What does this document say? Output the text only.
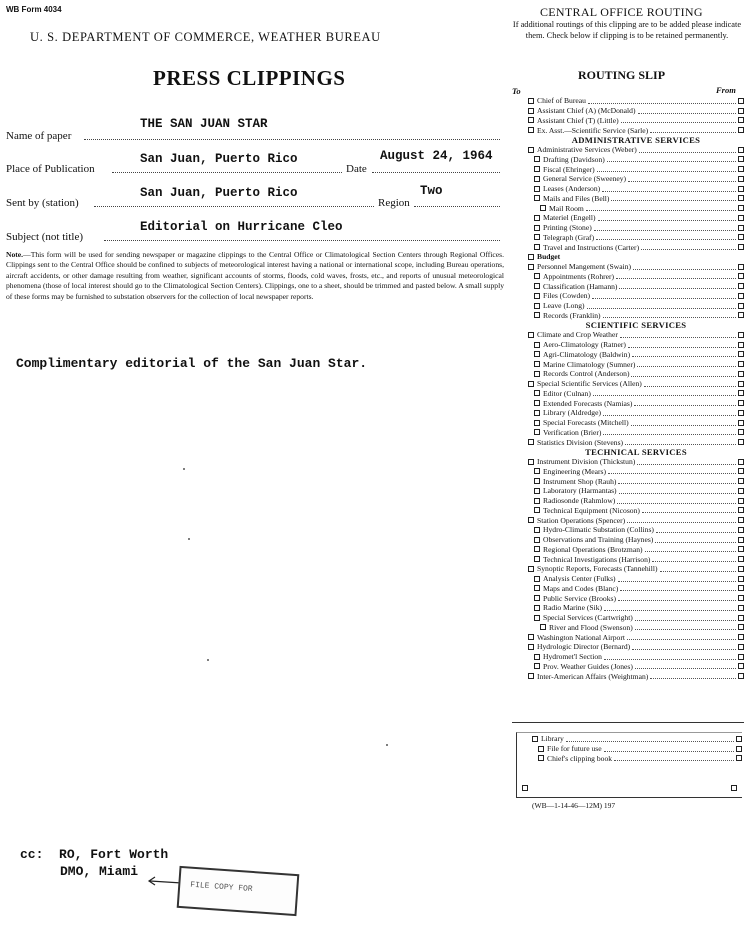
WB Form 4034
U. S. DEPARTMENT OF COMMERCE, WEATHER BUREAU
PRESS CLIPPINGS
Name of paper
THE SAN JUAN STAR
Place of Publication
San Juan, Puerto Rico
Date
August 24, 1964
Sent by (station)
San Juan, Puerto Rico
Region
Two
Subject (not title)
Editorial on Hurricane Cleo
Note.—This form will be used for sending newspaper or magazine clippings to the Central Office or Climatological Section Centers through Regional Offices. Clippings sent to the Central Office should be confined to subjects of meteorological interest having a national or international scope, including Bureau operations, aircraft accidents, or other damage resulting from weather, significant accounts of storms, floods, cold waves, frosts, etc., and reports of unusual meteorological phenomena (those of local interest should go to the Climatological Section Centers). Clippings, one to a sheet, should be trimmed and pasted below. A small supply of these forms may be furnished to substation observers for the collection of local newspaper reports.
Complimentary editorial of the San Juan Star.
cc: RO, Fort Worth
DMO, Miami
FILE COPY FOR
CENTRAL OFFICE ROUTING
If additional routings of this clipping are to be added please indicate them. Check below if clipping is to be retained permanently.
ROUTING SLIP
To	From
Chief of Bureau
Assistant Chief (A) (McDonald)
Assistant Chief (T) (Little)
Ex. Asst.—Scientific Service (Sarle)
ADMINISTRATIVE SERVICES
Administrative Services (Weber)
Drafting (Davidson)
Fiscal (Ehringer)
General Service (Sweeney)
Leases (Anderson)
Mails and Files (Bell)
Mail Room
Materiel (Engell)
Printing (Stone)
Telegraph (Graf)
Travel and Instructions (Carter)
Budget
Personnel Mangement (Swain)
Appointments (Rohrer)
Classification (Hamann)
Files (Cowden)
Leave (Long)
Records (Franklin)
SCIENTIFIC SERVICES
Climate and Crop Weather
Aero-Climatology (Ratner)
Agri-Climatology (Baldwin)
Marine Climatology (Sumner)
Records Control (Anderson)
Special Scientific Services (Allen)
Editor (Culnan)
Extended Forecasts (Namias)
Library (Aldredge)
Special Forecasts (Mitchell)
Verification (Brier)
Statistics Division (Stevens)
TECHNICAL SERVICES
Instrument Division (Thickstun)
Engineering (Mears)
Instrument Shop (Rauh)
Laboratory (Harmantas)
Radiosonde (Rahmlow)
Technical Equipment (Nicoson)
Station Operations (Spencer)
Hydro-Climatic Substation (Collins)
Observations and Training (Haynes)
Regional Operations (Brotzman)
Technical Investigations (Harrison)
Synoptic Reports, Forecasts (Tannehill)
Analysis Center (Fulks)
Maps and Codes (Blanc)
Public Service (Brooks)
Radio Marine (Sik)
Special Services (Cartwright)
River and Flood (Swenson)
Washington National Airport
Hydrologic Director (Bernard)
Hydromet'l Section
Prov. Weather Guides (Jones)
Inter-American Affairs (Weightman)
Library
File for future use
Chief's clipping book
(WB—1-14-46—12M) 197
